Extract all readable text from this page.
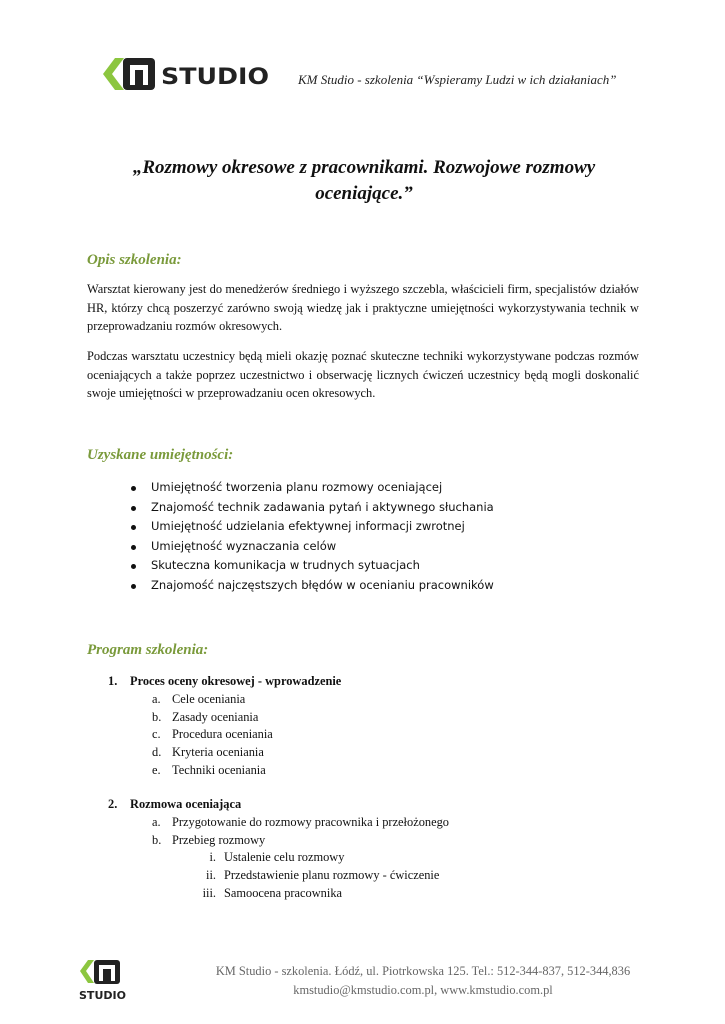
STUDIO KM Studio - szkolenia “Wspieramy Ludzi w ich działaniach”
„Rozmowy okresowe z pracownikami. Rozwojowe rozmowy
oceniające.”
Opis szkolenia:
Warsztat kierowany jest do menedżerów średniego i wyższego szczebla, właścicieli firm, specjalistów działów HR, którzy chcą poszerzyć zarówno swoją wiedzę jak i praktyczne umiejętności wykorzystywania technik w przeprowadzaniu rozmów okresowych.
Podczas warsztatu uczestnicy będą mieli okazję poznać skuteczne techniki wykorzystywane podczas rozmów oceniających a także poprzez uczestnictwo i obserwację licznych ćwiczeń uczestnicy będą mogli doskonalić swoje umiejętności w przeprowadzaniu ocen okresowych.
Uzyskane umiejętności:
Umiejętność tworzenia planu rozmowy oceniającej
Znajomość technik zadawania pytań i aktywnego słuchania
Umiejętność udzielania efektywnej informacji zwrotnej
Umiejętność wyznaczania celów
Skuteczna komunikacja w trudnych sytuacjach
Znajomość najczęstszych błędów w ocenianiu pracowników
Program szkolenia:
1. Proces oceny okresowej - wprowadzenie
a. Cele oceniania
b. Zasady oceniania
c. Procedura oceniania
d. Kryteria oceniania
e. Techniki oceniania
2. Rozmowa oceniająca
a. Przygotowanie do rozmowy pracownika i przełożonego
b. Przebieg rozmowy
i. Ustalenie celu rozmowy
ii. Przedstawienie planu rozmowy - ćwiczenie
iii. Samoocena pracownika
STUDIO
KM Studio - szkolenia. Łódź, ul. Piotrkowska 125. Tel.: 512-344-837, 512-344,836
kmstudio@kmstudio.com.pl, www.kmstudio.com.pl
